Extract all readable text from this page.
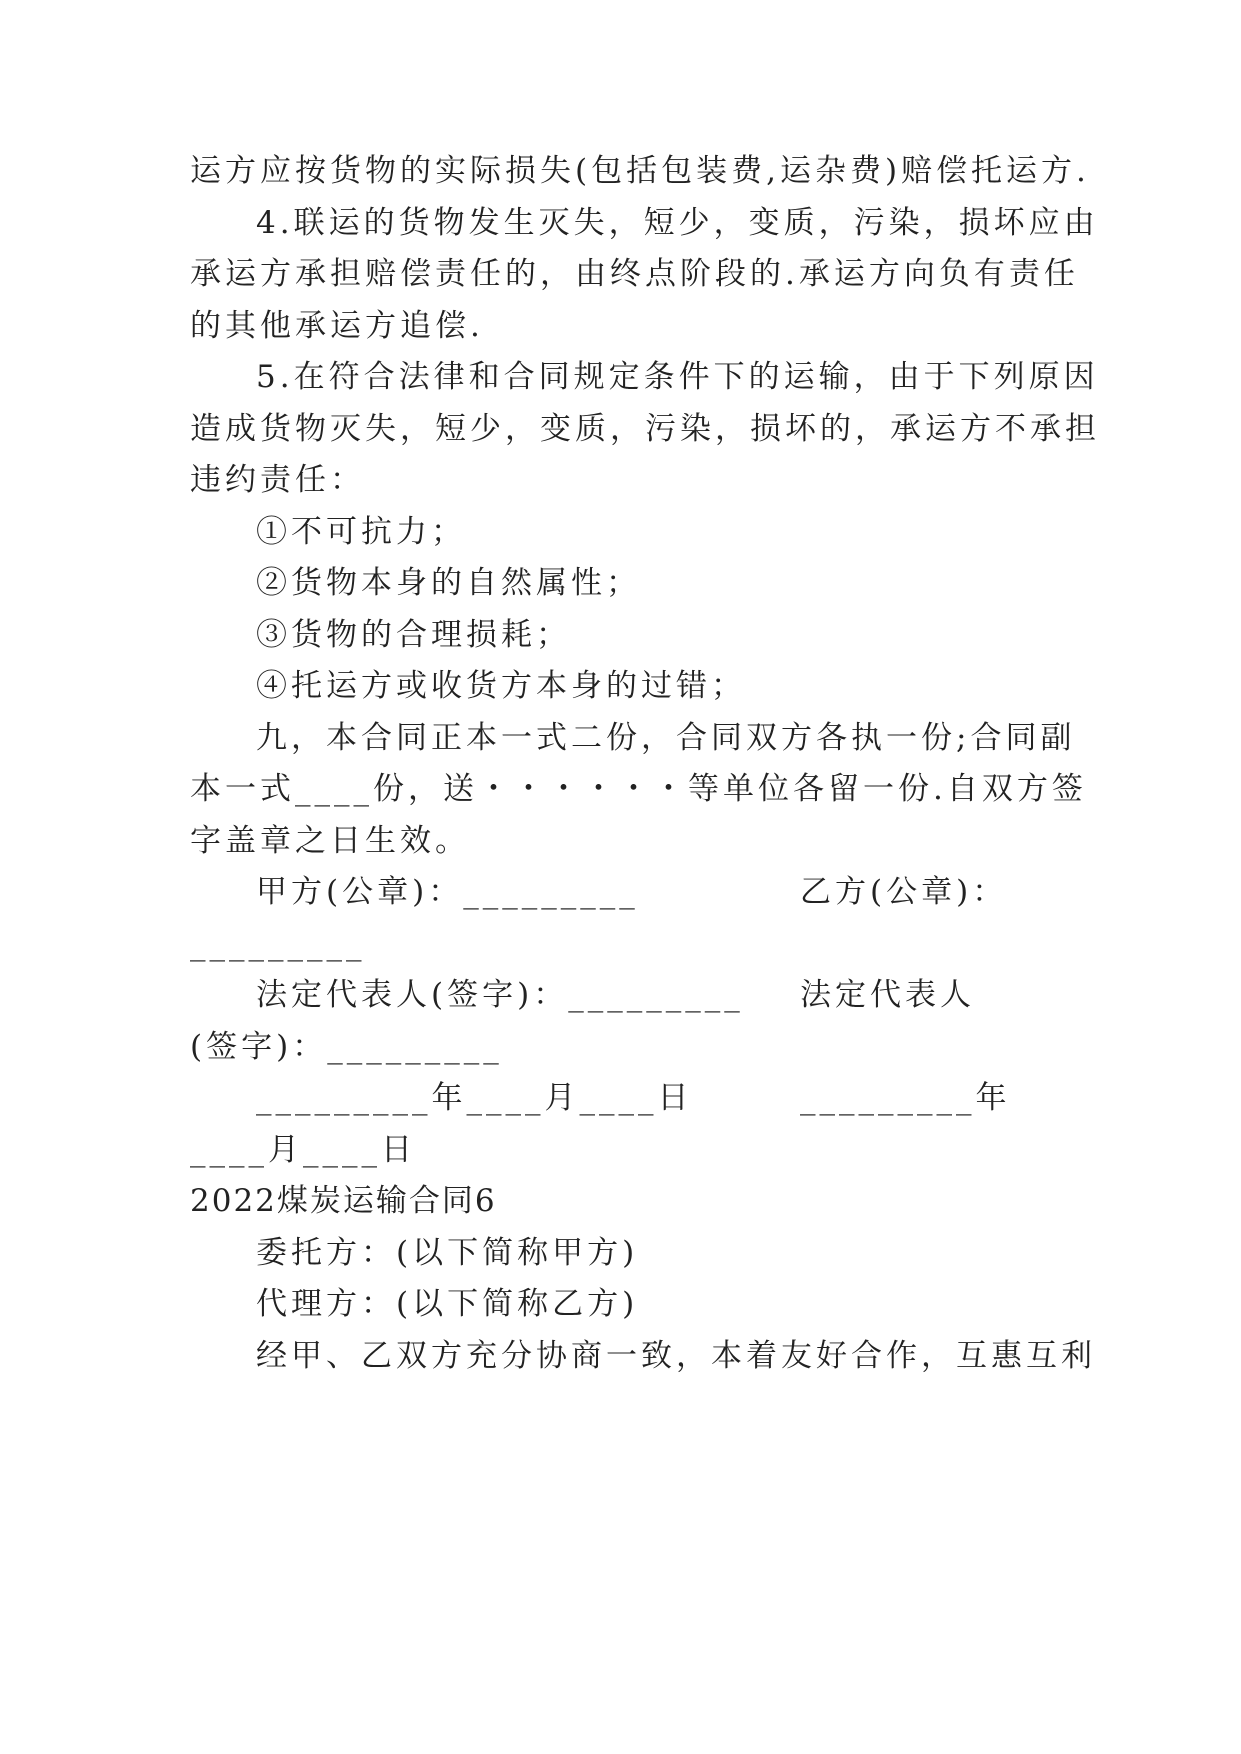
运方应按货物的实际损失(包括包装费,运杂费)赔偿托运方.
4.联运的货物发生灭失，短少，变质，污染，损坏应由
承运方承担赔偿责任的，由终点阶段的.承运方向负有责任
的其他承运方追偿.
5.在符合法律和合同规定条件下的运输，由于下列原因
造成货物灭失，短少，变质，污染，损坏的，承运方不承担
违约责任：
①不可抗力；
②货物本身的自然属性；
③货物的合理损耗；
④托运方或收货方本身的过错；
九，本合同正本一式二份，合同双方各执一份;合同副
本一式____份，送・・・・・・等单位各留一份.自双方签
字盖章之日生效。
甲方(公章)：_________	乙方(公章)：
_________
法定代表人(签字)：_________	法定代表人
(签字)：_________
_________年____月____日	_________年
____月____日
2022煤炭运输合同6
委托方：(以下简称甲方)
代理方：(以下简称乙方)
经甲、乙双方充分协商一致，本着友好合作，互惠互利
